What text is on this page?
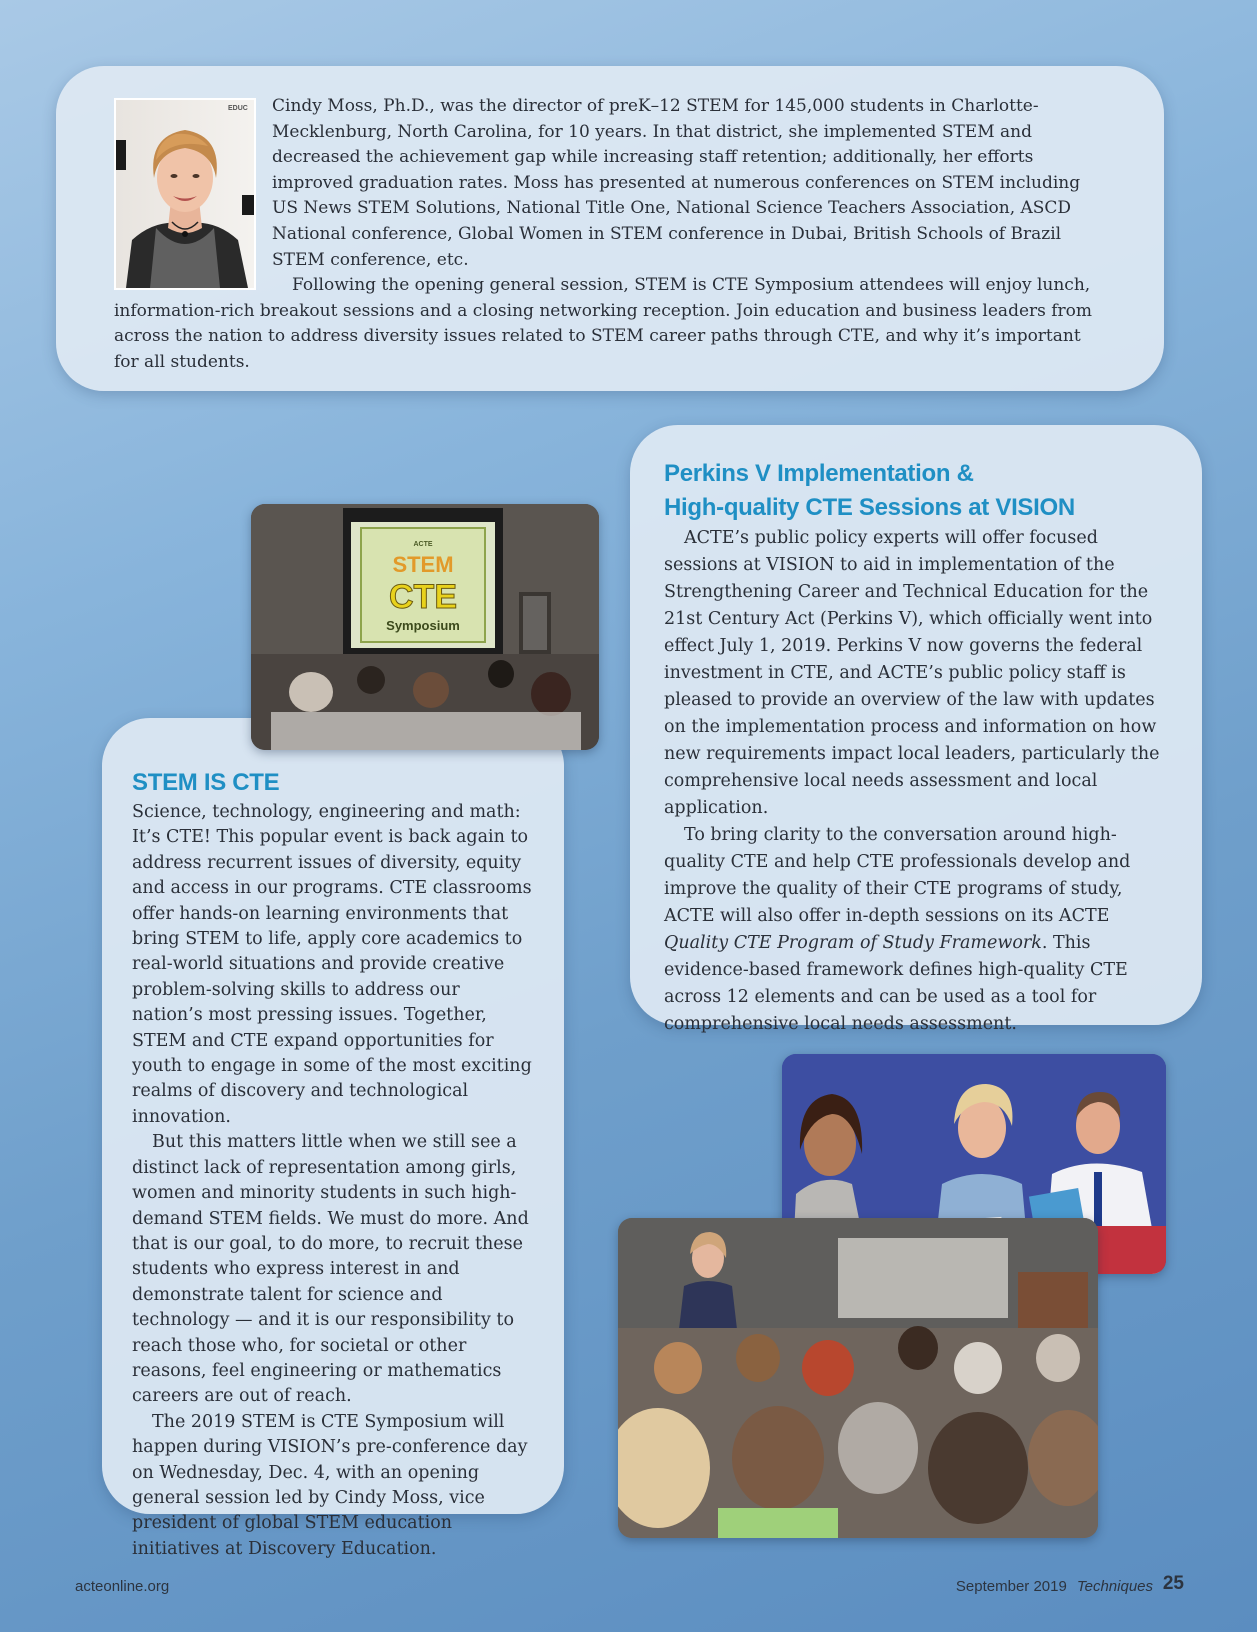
EDUC	Cindy Moss, Ph.D., was the director of preK–12 STEM for 145,000 students in Charlotte-Mecklenburg, North Carolina, for 10 years. In that district, she implemented STEM and decreased the achievement gap while increasing staff retention; additionally, her efforts improved graduation rates. Moss has presented at numerous conferences on STEM including US News STEM Solutions, National Title One, National Science Teachers Association, ASCD National conference, Global Women in STEM conference in Dubai, British Schools of Brazil STEM conference, etc.

Following the opening general session, STEM is CTE Symposium attendees will enjoy lunch, information-rich breakout sessions and a closing networking reception. Join education and business leaders from across the nation to address diversity issues related to STEM career paths through CTE, and why it’s important for all students.

Perkins V Implementation &
High-quality CTE Sessions at VISION

ACTE’s public policy experts will offer focused sessions at VISION to aid in implementation of the Strengthening Career and Technical Education for the 21st Century Act (Perkins V), which officially went into effect July 1, 2019. Perkins V now governs the federal investment in CTE, and ACTE’s public policy staff is pleased to provide an overview of the law with updates on the implementation process and information on how new requirements impact local leaders, particularly the comprehensive local needs assessment and local application.

To bring clarity to the conversation around high-quality CTE and help CTE professionals develop and improve the quality of their CTE programs of study, ACTE will also offer in-depth sessions on its ACTE Quality CTE Program of Study Framework. This evidence-based framework defines high-quality CTE across 12 elements and can be used as a tool for comprehensive local needs assessment.

STEM IS CTE

Science, technology, engineering and math: It’s CTE! This popular event is back again to address recurrent issues of diversity, equity and access in our programs. CTE classrooms offer hands-on learning environments that bring STEM to life, apply core academics to real-world situations and provide creative problem-solving skills to address our nation’s most pressing issues. Together, STEM and CTE expand opportunities for youth to engage in some of the most exciting realms of discovery and technological innovation.

But this matters little when we still see a distinct lack of representation among girls, women and minority students in such high-demand STEM fields. We must do more. And that is our goal, to do more, to recruit these students who express interest in and demonstrate talent for science and technology — and it is our responsibility to reach those who, for societal or other reasons, feel engineering or mathematics careers are out of reach.

The 2019 STEM is CTE Symposium will happen during VISION’s pre-conference day on Wednesday, Dec. 4, with an opening general session led by Cindy Moss, vice president of global STEM education initiatives at Discovery Education.

ACTE
STEM
CTE
Symposium
acteonline.org	September 2019 Techniques 25
